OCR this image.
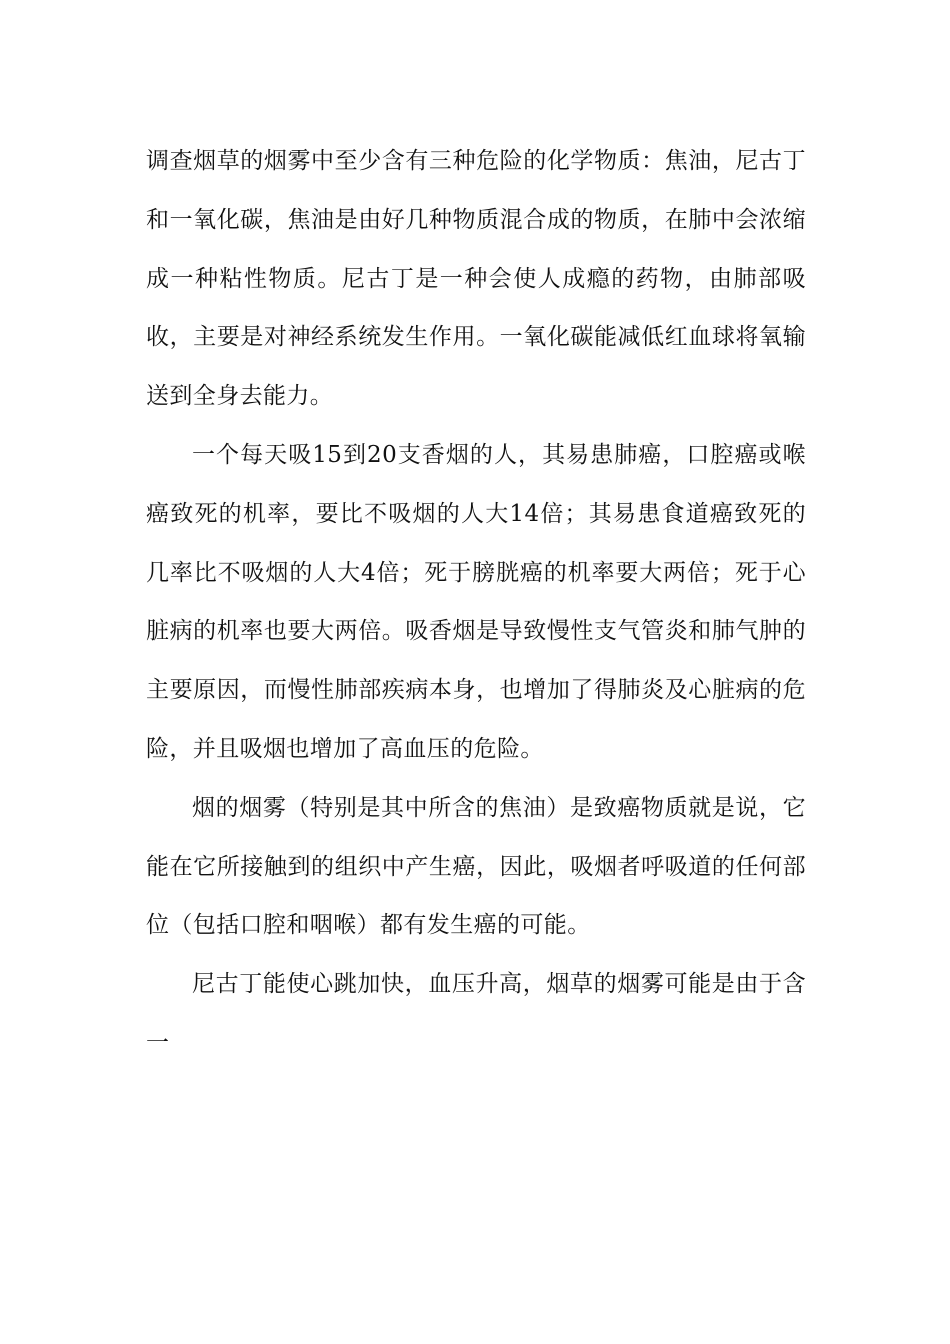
调查烟草的烟雾中至少含有三种危险的化学物质：焦油，尼古丁和一氧化碳，焦油是由好几种物质混合成的物质，在肺中会浓缩成一种粘性物质。尼古丁是一种会使人成瘾的药物，由肺部吸收，主要是对神经系统发生作用。一氧化碳能减低红血球将氧输送到全身去能力。

一个每天吸15到20支香烟的人，其易患肺癌，口腔癌或喉癌致死的机率，要比不吸烟的人大14倍；其易患食道癌致死的几率比不吸烟的人大4倍；死于膀胱癌的机率要大两倍；死于心脏病的机率也要大两倍。吸香烟是导致慢性支气管炎和肺气肿的主要原因，而慢性肺部疾病本身，也增加了得肺炎及心脏病的危险，并且吸烟也增加了高血压的危险。

烟的烟雾（特别是其中所含的焦油）是致癌物质就是说，它能在它所接触到的组织中产生癌，因此，吸烟者呼吸道的任何部位（包括口腔和咽喉）都有发生癌的可能。

尼古丁能使心跳加快，血压升高，烟草的烟雾可能是由于含一
